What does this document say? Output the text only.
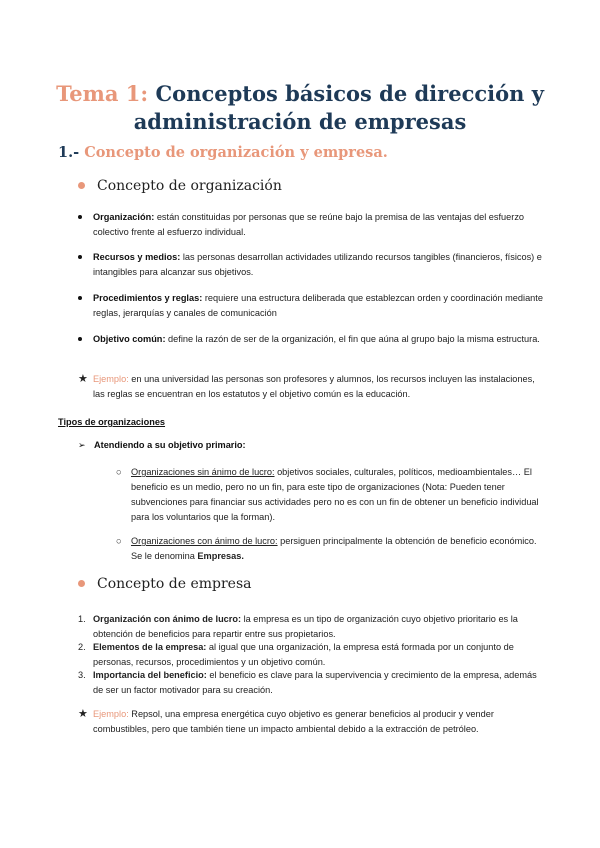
Tema 1: Conceptos básicos de dirección y
administración de empresas
1.- Concepto de organización y empresa.
Concepto de organización
Organización: están constituidas por personas que se reúne bajo la premisa de las ventajas del esfuerzo colectivo frente al esfuerzo individual.
Recursos y medios: las personas desarrollan actividades utilizando recursos tangibles (financieros, físicos) e intangibles para alcanzar sus objetivos.
Procedimientos y reglas: requiere una estructura deliberada que establezcan orden y coordinación mediante reglas, jerarquías y canales de comunicación
Objetivo común: define la razón de ser de la organización, el fin que aúna al grupo bajo la misma estructura.
★ Ejemplo: en una universidad las personas son profesores y alumnos, los recursos incluyen las instalaciones, las reglas se encuentran en los estatutos y el objetivo común es la educación.
Tipos de organizaciones
➢ Atendiendo a su objetivo primario:
○ Organizaciones sin ánimo de lucro: objetivos sociales, culturales, políticos, medioambientales… El beneficio es un medio, pero no un fin, para este tipo de organizaciones (Nota: Pueden tener subvenciones para financiar sus actividades pero no es con un fin de obtener un beneficio individual para los voluntarios que la forman).
○ Organizaciones con ánimo de lucro: persiguen principalmente la obtención de beneficio económico. Se le denomina Empresas.
Concepto de empresa
1. Organización con ánimo de lucro: la empresa es un tipo de organización cuyo objetivo prioritario es la obtención de beneficios para repartir entre sus propietarios.
2. Elementos de la empresa: al igual que una organización, la empresa está formada por un conjunto de personas, recursos, procedimientos y un objetivo común.
3. Importancia del beneficio: el beneficio es clave para la supervivencia y crecimiento de la empresa, además de ser un factor motivador para su creación.
★ Ejemplo: Repsol, una empresa energética cuyo objetivo es generar beneficios al producir y vender combustibles, pero que también tiene un impacto ambiental debido a la extracción de petróleo.
